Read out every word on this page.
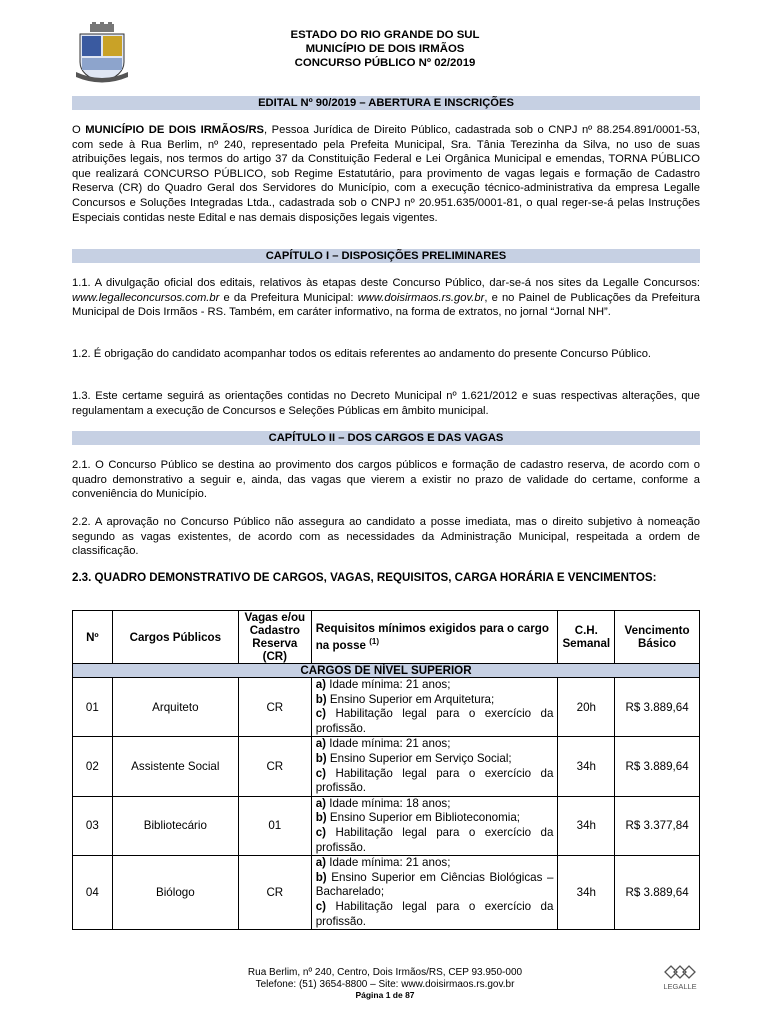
ESTADO DO RIO GRANDE DO SUL
MUNICÍPIO DE DOIS IRMÃOS
CONCURSO PÚBLICO Nº 02/2019
EDITAL Nº 90/2019 – ABERTURA E INSCRIÇÕES
O MUNICÍPIO DE DOIS IRMÃOS/RS, Pessoa Jurídica de Direito Público, cadastrada sob o CNPJ nº 88.254.891/0001-53, com sede à Rua Berlim, nº 240, representado pela Prefeita Municipal, Sra. Tânia Terezinha da Silva, no uso de suas atribuições legais, nos termos do artigo 37 da Constituição Federal e Lei Orgânica Municipal e emendas, TORNA PÚBLICO que realizará CONCURSO PÚBLICO, sob Regime Estatutário, para provimento de vagas legais e formação de Cadastro Reserva (CR) do Quadro Geral dos Servidores do Município, com a execução técnico-administrativa da empresa Legalle Concursos e Soluções Integradas Ltda., cadastrada sob o CNPJ nº 20.951.635/0001-81, o qual reger-se-á pelas Instruções Especiais contidas neste Edital e nas demais disposições legais vigentes.
CAPÍTULO I – DISPOSIÇÕES PRELIMINARES
1.1. A divulgação oficial dos editais, relativos às etapas deste Concurso Público, dar-se-á nos sites da Legalle Concursos: www.legalleconcursos.com.br e da Prefeitura Municipal: www.doisirmaos.rs.gov.br, e no Painel de Publicações da Prefeitura Municipal de Dois Irmãos - RS. Também, em caráter informativo, na forma de extratos, no jornal “Jornal NH”.
1.2. É obrigação do candidato acompanhar todos os editais referentes ao andamento do presente Concurso Público.
1.3. Este certame seguirá as orientações contidas no Decreto Municipal nº 1.621/2012 e suas respectivas alterações, que regulamentam a execução de Concursos e Seleções Públicas em âmbito municipal.
CAPÍTULO II – DOS CARGOS E DAS VAGAS
2.1. O Concurso Público se destina ao provimento dos cargos públicos e formação de cadastro reserva, de acordo com o quadro demonstrativo a seguir e, ainda, das vagas que vierem a existir no prazo de validade do certame, conforme a conveniência do Município.
2.2. A aprovação no Concurso Público não assegura ao candidato a posse imediata, mas o direito subjetivo à nomeação segundo as vagas existentes, de acordo com as necessidades da Administração Municipal, respeitada a ordem de classificação.
2.3. QUADRO DEMONSTRATIVO DE CARGOS, VAGAS, REQUISITOS, CARGA HORÁRIA E VENCIMENTOS:
Nº	Cargos Públicos	Vagas e/ou Cadastro Reserva (CR)	Requisitos mínimos exigidos para o cargo na posse $^{(1)}$	C.H. Semanal	Vencimento Básico
CARGOS DE NÍVEL SUPERIOR					
01	Arquiteto	CR	a) Idade mínima: 21 anos;
b) Ensino Superior em Arquitetura;
c) Habilitação legal para o exercício da profissão.	20h	R$ 3.889,64
02	Assistente Social	CR	a) Idade mínima: 21 anos;
b) Ensino Superior em Serviço Social;
c) Habilitação legal para o exercício da profissão.	34h	R$ 3.889,64
03	Bibliotecário	01	a) Idade mínima: 18 anos;
b) Ensino Superior em Biblioteconomia;
c) Habilitação legal para o exercício da profissão.	34h	R$ 3.377,84
04	Biólogo	CR	a) Idade mínima: 21 anos;
b) Ensino Superior em Ciências Biológicas – Bacharelado;
c) Habilitação legal para o exercício da profissão.	34h	R$ 3.889,64
Rua Berlim, nº 240, Centro, Dois Irmãos/RS, CEP 93.950-000
Telefone: (51) 3654-8800 – Site: www.doisirmaos.rs.gov.br
Página 1 de 87
LEGALLE
